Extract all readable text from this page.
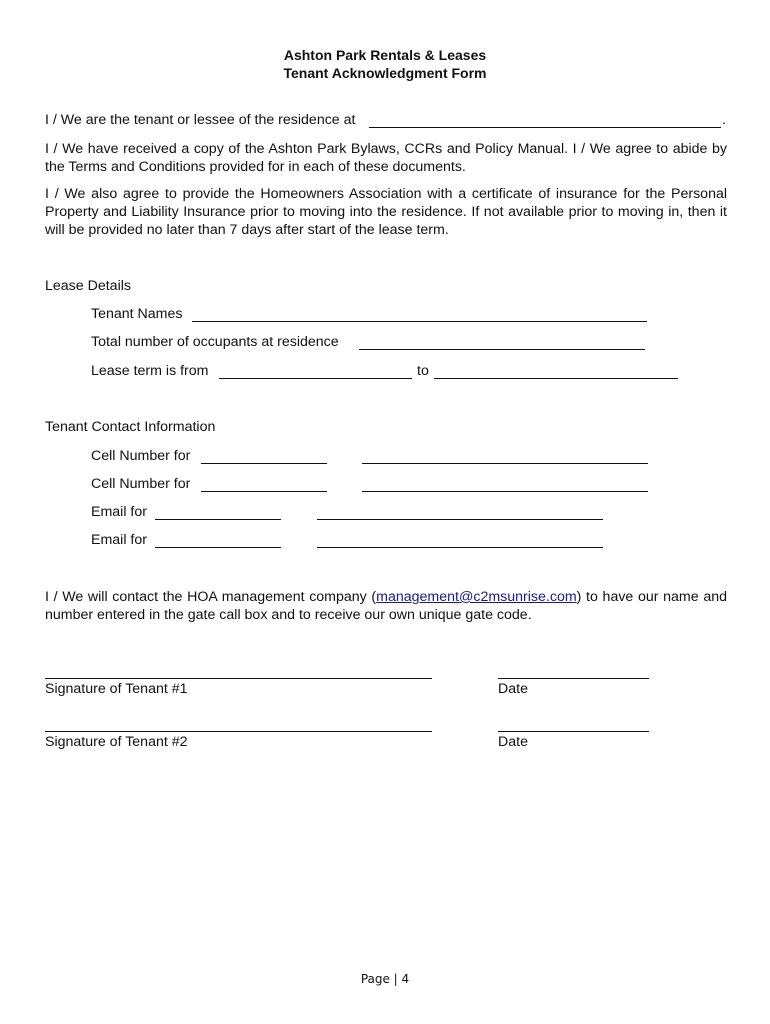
Ashton Park Rentals & Leases
Tenant Acknowledgment Form
I / We are the tenant or lessee of the residence at	.
I / We have received a copy of the Ashton Park Bylaws, CCRs and Policy Manual. I / We agree to abide by the Terms and Conditions provided for in each of these documents.
I / We also agree to provide the Homeowners Association with a certificate of insurance for the Personal Property and Liability Insurance prior to moving into the residence. If not available prior to moving in, then it will be provided no later than 7 days after start of the lease term.
Lease Details
Tenant Names
Total number of occupants at residence
Lease term is from	to
Tenant Contact Information
Cell Number for
Cell Number for
Email for
Email for
I / We will contact the HOA management company (management@c2msunrise.com) to have our name and number entered in the gate call box and to receive our own unique gate code.
Signature of Tenant #1	Date
Signature of Tenant #2	Date
Page | 4
